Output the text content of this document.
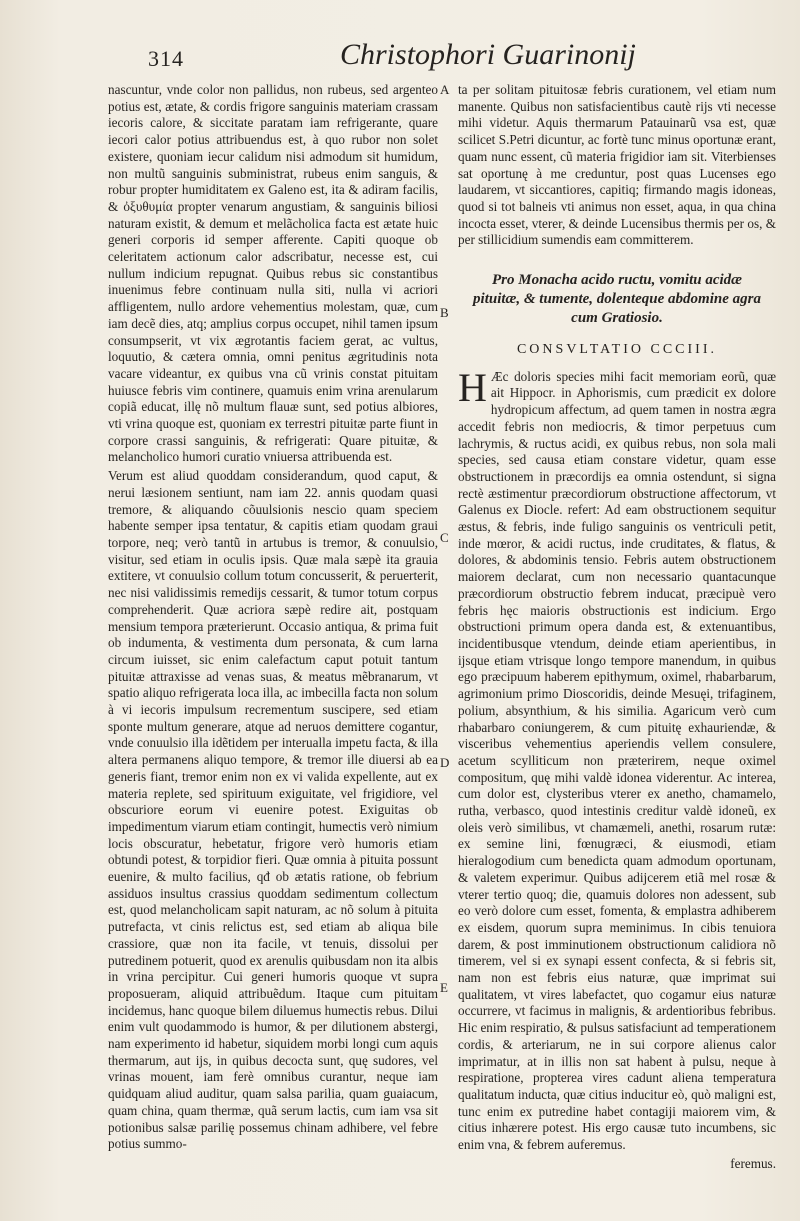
314	Christophori Guarinonij
A
B
C
D
E

nascuntur, vnde color non pallidus, non rubeus, sed argenteo potius est, ætate, & cordis frigore sanguinis materiam crassam iecoris calore, & siccitate paratam iam refrigerante, quare iecori calor potius attribuendus est, à quo rubor non solet existere, quoniam iecur calidum nisi admodum sit humidum, non multũ sanguinis subministrat, rubeus enim sanguis, & robur propter humiditatem ex Galeno est, ita & adiram facilis, & ὀξυθυμία propter venarum angustiam, & sanguinis biliosi naturam existit, & demum et melãcholica facta est ætate huic generi corporis id semper afferente. Capiti quoque ob celeritatem actionum calor adscribatur, necesse est, cui nullum indicium repugnat. Quibus rebus sic constantibus inuenimus febre continuam nulla siti, nulla vi acriori affligentem, nullo ardore vehementius molestam, quæ, cum iam decẽ dies, atq; amplius corpus occupet, nihil tamen ipsum consumpserit, vt vix ægrotantis faciem gerat, ac vultus, loquutio, & cætera omnia, omni penitus ægritudinis nota vacare videantur, ex quibus vna cũ vrinis constat pituitam huiusce febris vim continere, quamuis enim vrina arenularum copiã educat, illę nõ multum flauæ sunt, sed potius albiores, vti vrina quoque est, quoniam ex terrestri pituitæ parte fiunt in corpore crassi sanguinis, & refrigerati: Quare pituitæ, & melancholico humori curatio vniuersa attribuenda est.

Verum est aliud quoddam considerandum, quod caput, & nerui læsionem sentiunt, nam iam 22. annis quodam quasi tremore, & aliquando cõuulsionis nescio quam speciem habente semper ipsa tentatur, & capitis etiam quodam graui torpore, neq; verò tantũ in artubus is tremor, & conuulsio, visitur, sed etiam in oculis ipsis. Quæ mala sæpè ita grauia extitere, vt conuulsio collum totum concusserit, & peruerterit, nec nisi validissimis remedijs cessarit, & tumor totum corpus comprehenderit. Quæ acriora sæpè redire ait, postquam mensium tempora præterierunt. Occasio antiqua, & prima fuit ob indumenta, & vestimenta dum personata, & cum larna circum iuisset, sic enim calefactum caput potuit tantum pituitæ attraxisse ad venas suas, & meatus mẽbranarum, vt spatio aliquo refrigerata loca illa, ac imbecilla facta non solum à vi iecoris impulsum recrementum suscipere, sed etiam sponte multum generare, atque ad neruos demittere cogantur, vnde conuulsio illa idẽtidem per interualla impetu facta, & illa altera permanens aliquo tempore, & tremor ille diuersi ab ea generis fiant, tremor enim non ex vi valida expellente, aut ex materia replete, sed spirituum exiguitate, vel frigidiore, vel obscuriore eorum vi euenire potest. Exiguitas ob impedimentum viarum etiam contingit, humectis verò nimium locis obscuratur, hebetatur, frigore verò humoris etiam obtundi potest, & torpidior fieri. Quæ omnia à pituita possunt euenire, & multo facilius, qđ ob ætatis ratione, ob febrium assiduos insultus crassius quoddam sedimentum collectum est, quod melancholicam sapit naturam, ac nõ solum à pituita putrefacta, vt cinis relictus est, sed etiam ab aliqua bile crassiore, quæ non ita facile, vt tenuis, dissolui per putredinem potuerit, quod ex arenulis quibusdam non ita albis in vrina percipitur. Cui generi humoris quoque vt supra proposueram, aliquid attribuẽdum. Itaque cum pituitam incidemus, hanc quoque bilem diluemus humectis rebus. Dilui enim vult quodammodo is humor, & per dilutionem abstergi, nam experimento id habetur, siquidem morbi longi cum aquis thermarum, aut ijs, in quibus decocta sunt, quę sudores, vel vrinas mouent, iam ferè omnibus curantur, neque iam quidquam aliud auditur, quam salsa parilia, quam guaiacum, quam china, quam thermæ, quã serum lactis, cum iam vsa sit potionibus salsæ parilię possemus chinam adhibere, vel febre potius summo-

ta per solitam pituitosæ febris curationem, vel etiam num manente. Quibus non satisfacientibus cautè rijs vti necesse mihi videtur. Aquis thermarum Patauinarũ vsa est, quæ scilicet S.Petri dicuntur, ac fortè tunc minus oportunæ erant, quam nunc essent, cũ materia frigidior iam sit. Viterbienses sat oportunę à me creduntur, post quas Lucenses ego laudarem, vt siccantiores, capitiq; firmando magis idoneas, quod si tot balneis vti animus non esset, aqua, in qua china incocta esset, vterer, & deinde Lucensibus thermis per os, & per stillicidium sumendis eam committerem.

Pro Monacha acido ructu, vomitu acidæ pituitæ, & tumente, dolenteque abdomine agra cum Gratiosio.
CONSVLTATIO CCCIII.

H Æc doloris species mihi facit memoriam eorũ, quæ ait Hippocr. in Aphorismis, cum prædicit ex dolore hydropicum affectum, ad quem tamen in nostra ægra accedit febris non mediocris, & timor perpetuus cum lachrymis, & ructus acidi, ex quibus rebus, non sola mali species, sed causa etiam constare videtur, quam esse obstructionem in præcordijs ea omnia ostendunt, si signa rectè æstimentur præcordiorum obstructione affectorum, vt Galenus ex Diocle. refert: Ad eam obstructionem sequitur æstus, & febris, inde fuligo sanguinis os ventriculi petit, inde mœror, & acidi ructus, inde cruditates, & flatus, & dolores, & abdominis tensio. Febris autem obstructionem maiorem declarat, cum non necessario quantacunque præcordiorum obstructio febrem inducat, præcipuè vero febris hęc maioris obstructionis est indicium. Ergo obstructioni primum opera danda est, & extenuantibus, incidentibusque vtendum, deinde etiam aperientibus, in ijsque etiam vtrisque longo tempore manendum, in quibus ego præcipuum haberem epithymum, oximel, rhabarbarum, agrimonium primo Dioscoridis, deinde Mesuęi, trifaginem, polium, absynthium, & his similia. Agaricum verò cum rhabarbaro coniungerem, & cum pituitę exhauriendæ, & visceribus vehementius aperiendis vellem consulere, acetum scylliticum non præterirem, neque oximel compositum, quę mihi valdè idonea viderentur. Ac interea, cum dolor est, clysteribus vterer ex anetho, chamamelo, rutha, verbasco, quod intestinis creditur valdè idoneũ, ex oleis verò similibus, vt chamæmeli, anethi, rosarum rutæ: ex semine lini, fœnugræci, & eiusmodi, etiam hieralogodium cum benedicta quam admodum oportunam, & valetem experimur. Quibus adijcerem etiã mel rosæ & vterer tertio quoq; die, quamuis dolores non adessent, sub eo verò dolore cum esset, fomenta, & emplastra adhiberem ex eisdem, quorum supra meminimus. In cibis tenuiora darem, & post imminutionem obstructionum calidiora nõ timerem, vel si ex synapi essent confecta, & si febris sit, nam non est febris eius naturæ, quæ imprimat sui qualitatem, vt vires labefactet, quo cogamur eius naturæ occurrere, vt facimus in malignis, & ardentioribus febribus. Hic enim respiratio, & pulsus satisfaciunt ad temperationem cordis, & arteriarum, ne in sui corpore alienus calor imprimatur, at in illis non sat habent à pulsu, neque à respiratione, propterea vires cadunt aliena temperatura qualitatum inducta, quæ citius inducitur eò, quò maligni est, tunc enim ex putredine habet contagiji maiorem vim, & citius inhærere potest. His ergo causæ tuto incumbens, sic enim vna, & febrem auferemus.

feremus.
